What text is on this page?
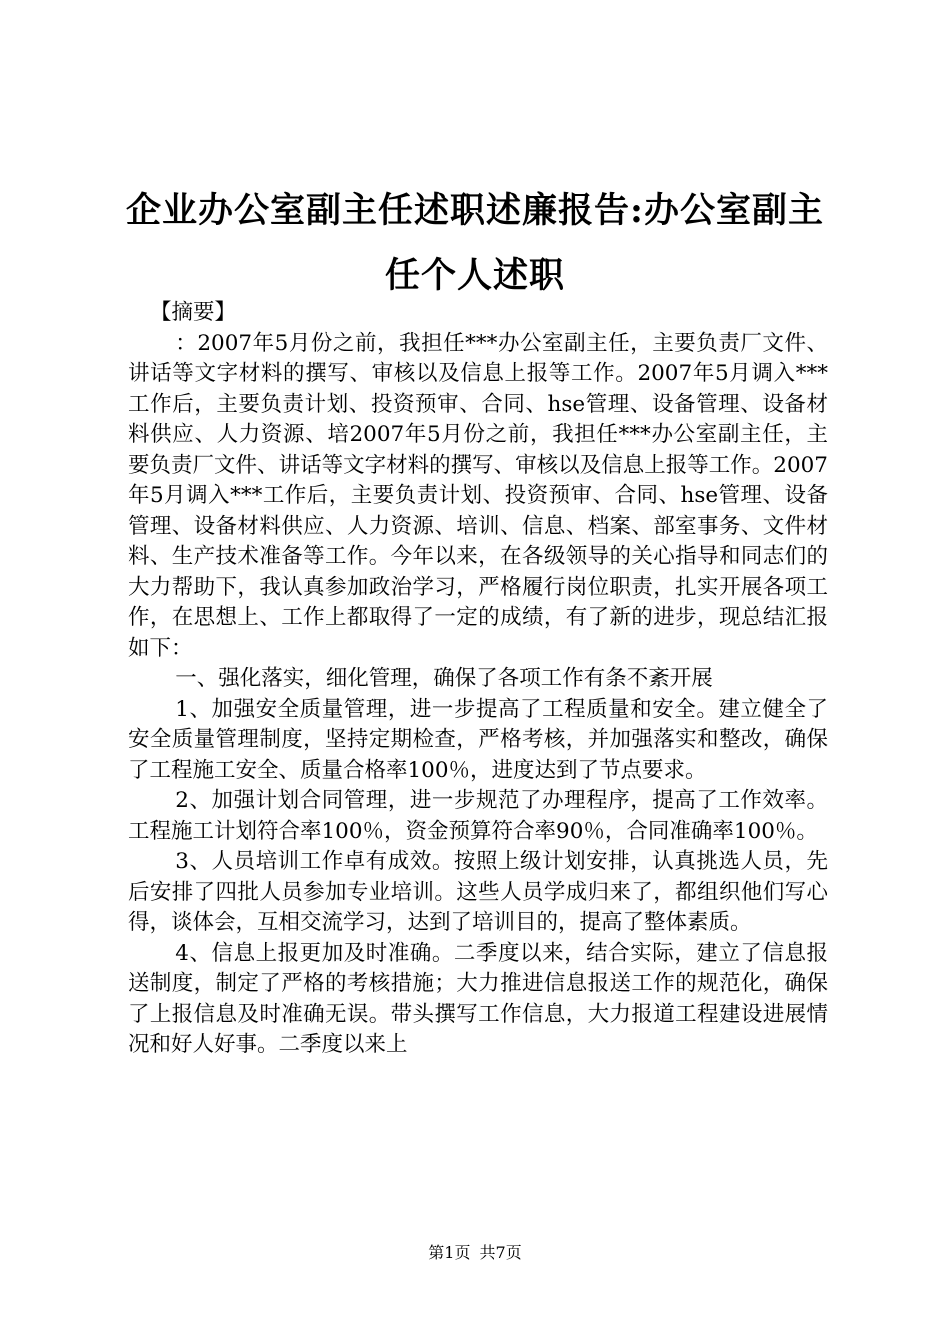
企业办公室副主任述职述廉报告:办公室副主任个人述职

【摘要】

：2007年5月份之前，我担任***办公室副主任，主要负责厂文件、讲话等文字材料的撰写、审核以及信息上报等工作。2007年5月调入***工作后，主要负责计划、投资预审、合同、hse管理、设备管理、设备材料供应、人力资源、培2007年5月份之前，我担任***办公室副主任，主要负责厂文件、讲话等文字材料的撰写、审核以及信息上报等工作。2007年5月调入***工作后，主要负责计划、投资预审、合同、hse管理、设备管理、设备材料供应、人力资源、培训、信息、档案、部室事务、文件材料、生产技术准备等工作。今年以来，在各级领导的关心指导和同志们的大力帮助下，我认真参加政治学习，严格履行岗位职责，扎实开展各项工作，在思想上、工作上都取得了一定的成绩，有了新的进步，现总结汇报如下：

一、强化落实，细化管理，确保了各项工作有条不紊开展

1、加强安全质量管理，进一步提高了工程质量和安全。建立健全了安全质量管理制度，坚持定期检查，严格考核，并加强落实和整改，确保了工程施工安全、质量合格率100％，进度达到了节点要求。

2、加强计划合同管理，进一步规范了办理程序，提高了工作效率。工程施工计划符合率100％，资金预算符合率90％，合同准确率100％。

3、人员培训工作卓有成效。按照上级计划安排，认真挑选人员，先后安排了四批人员参加专业培训。这些人员学成归来了，都组织他们写心得，谈体会，互相交流学习，达到了培训目的，提高了整体素质。

4、信息上报更加及时准确。二季度以来，结合实际，建立了信息报送制度，制定了严格的考核措施；大力推进信息报送工作的规范化，确保了上报信息及时准确无误。带头撰写工作信息，大力报道工程建设进展情况和好人好事。二季度以来上

第1页 共7页
